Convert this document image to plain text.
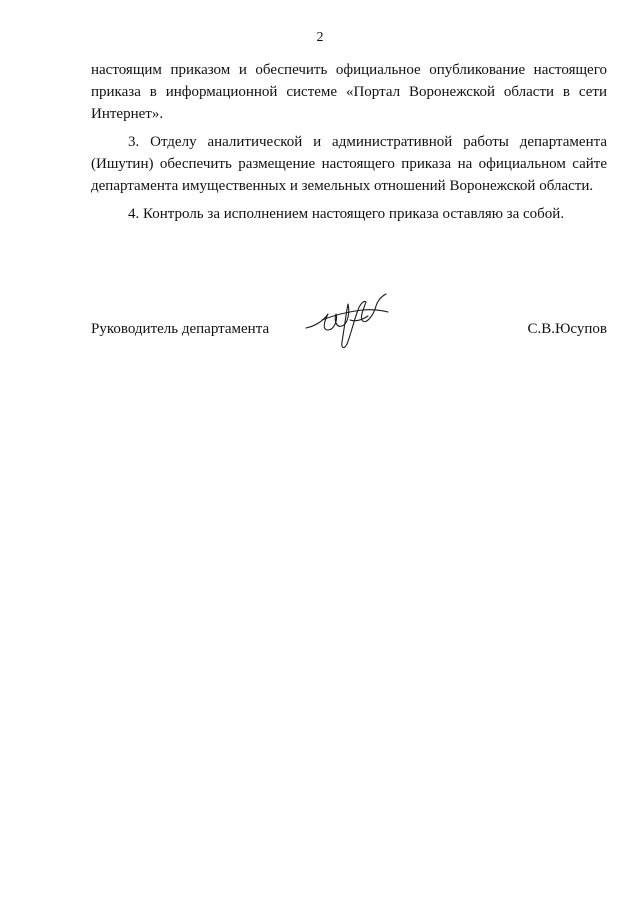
2

настоящим приказом и обеспечить официальное опубликование настоящего приказа в информационной системе «Портал Воронежской области в сети Интернет».

3. Отделу аналитической и административной работы департамента (Ишутин) обеспечить размещение настоящего приказа на официальном сайте департамента имущественных и земельных отношений Воронежской области.

4. Контроль за исполнением настоящего приказа оставляю за собой.

Руководитель департамента	С.В.Юсупов
